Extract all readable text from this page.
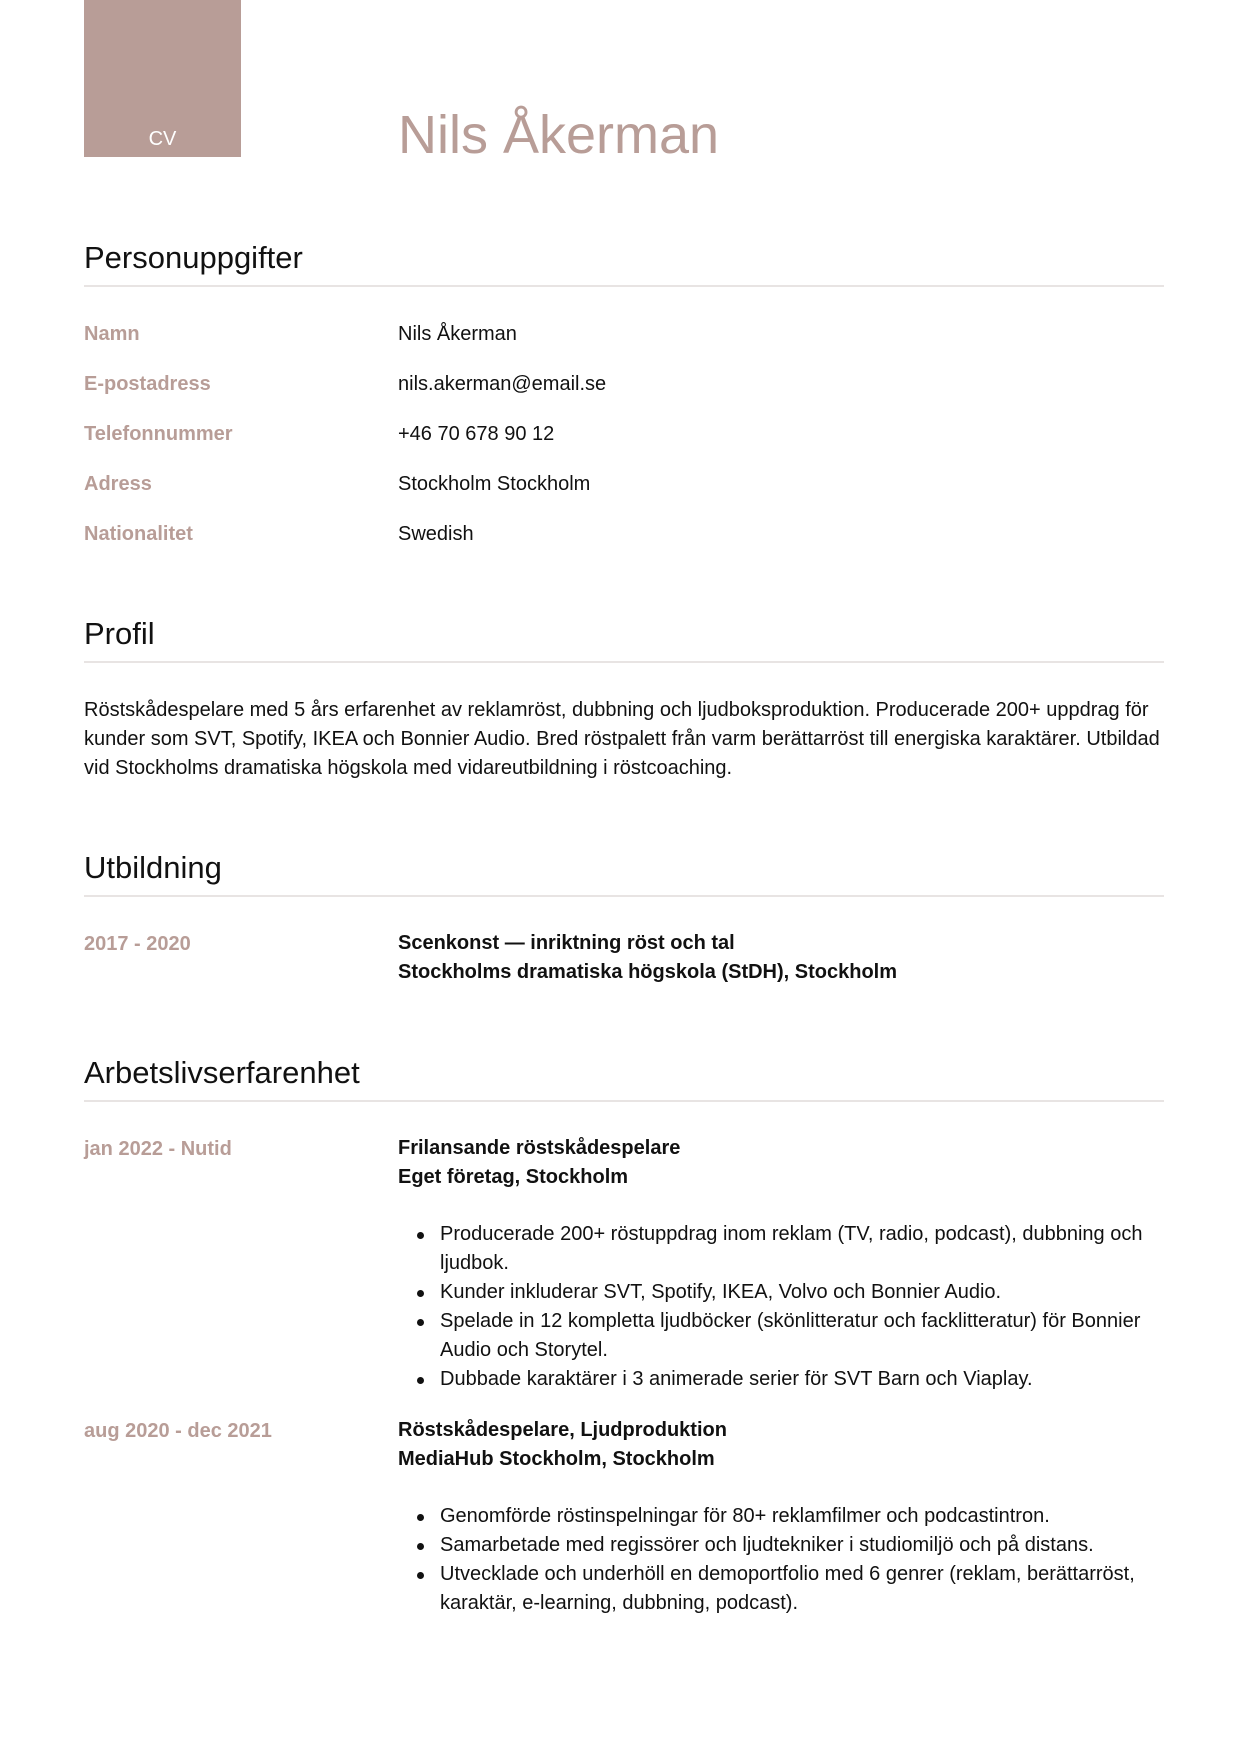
CV	Nils Åkerman
Personuppgifter
Namn	Nils Åkerman
E-postadress	nils.akerman@email.se
Telefonnummer	+46 70 678 90 12
Adress	Stockholm Stockholm
Nationalitet	Swedish
Profil

Röstskådespelare med 5 års erfarenhet av reklamröst, dubbning och ljudboksproduktion. Producerade 200+ uppdrag för kunder som SVT, Spotify, IKEA och Bonnier Audio. Bred röstpalett från varm berättarröst till energiska karaktärer. Utbildad vid Stockholms dramatiska högskola med vidareutbildning i röstcoaching.

Utbildning
2017 - 2020	Scenkonst — inriktning röst och tal
Stockholms dramatiska högskola (StDH), Stockholm
Arbetslivserfarenhet
jan 2022 - Nutid	Frilansande röstskådespelare
Eget företag, Stockholm
Producerade 200+ röstuppdrag inom reklam (TV, radio, podcast), dubbning och ljudbok.
Kunder inkluderar SVT, Spotify, IKEA, Volvo och Bonnier Audio.
Spelade in 12 kompletta ljudböcker (skönlitteratur och facklitteratur) för Bonnier Audio och Storytel.
Dubbade karaktärer i 3 animerade serier för SVT Barn och Viaplay.
aug 2020 - dec 2021	Röstskådespelare, Ljudproduktion
MediaHub Stockholm, Stockholm
Genomförde röstinspelningar för 80+ reklamfilmer och podcastintron.
Samarbetade med regissörer och ljudtekniker i studiomiljö och på distans.
Utvecklade och underhöll en demoportfolio med 6 genrer (reklam, berättarröst, karaktär, e-learning, dubbning, podcast).
